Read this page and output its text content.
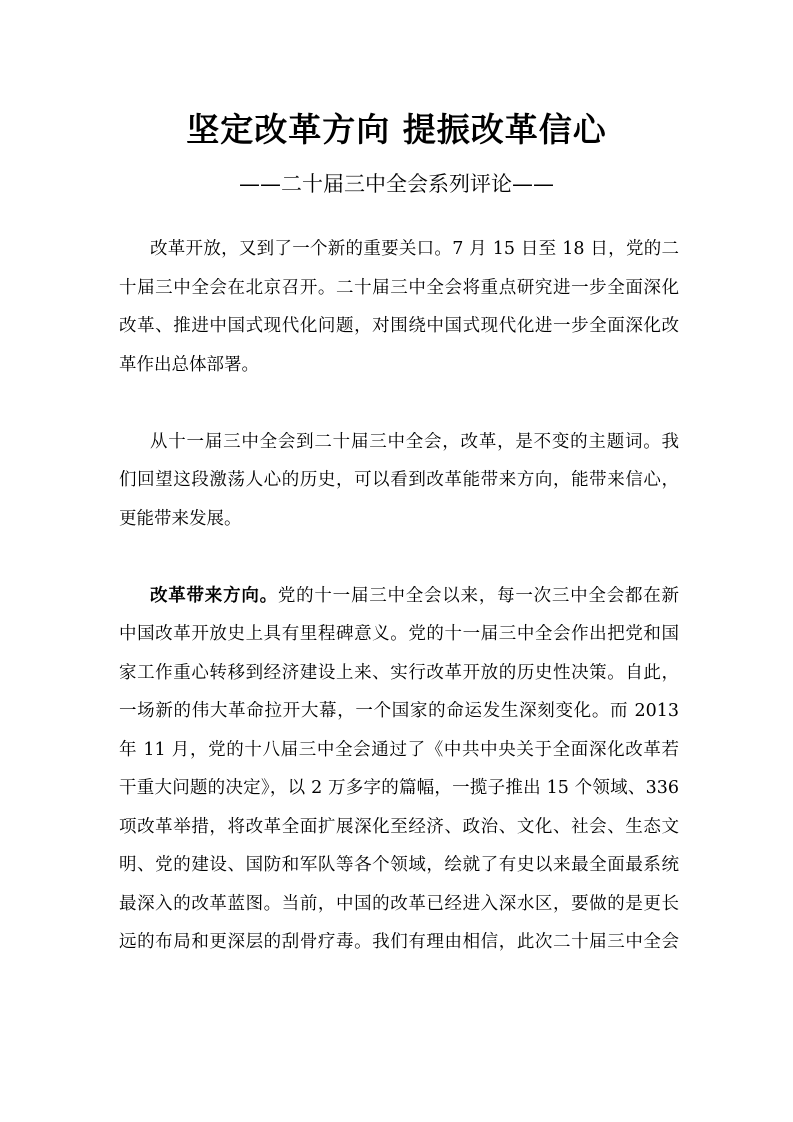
坚定改革方向 提振改革信心
——二十届三中全会系列评论——

改革开放，又到了一个新的重要关口。7 月 15 日至 18 日，党的二
十届三中全会在北京召开。二十届三中全会将重点研究进一步全面深化
改革、推进中国式现代化问题，对围绕中国式现代化进一步全面深化改
革作出总体部署。

从十一届三中全会到二十届三中全会，改革，是不变的主题词。我
们回望这段激荡人心的历史，可以看到改革能带来方向，能带来信心，
更能带来发展。

改革带来方向。党的十一届三中全会以来，每一次三中全会都在新
中国改革开放史上具有里程碑意义。党的十一届三中全会作出把党和国
家工作重心转移到经济建设上来、实行改革开放的历史性决策。自此，
一场新的伟大革命拉开大幕，一个国家的命运发生深刻变化。而 2013
年 11 月，党的十八届三中全会通过了《中共中央关于全面深化改革若
干重大问题的决定》，以 2 万多字的篇幅，一揽子推出 15 个领域、336
项改革举措，将改革全面扩展深化至经济、政治、文化、社会、生态文
明、党的建设、国防和军队等各个领域，绘就了有史以来最全面最系统
最深入的改革蓝图。当前，中国的改革已经进入深水区，要做的是更长
远的布局和更深层的刮骨疗毒。我们有理由相信，此次二十届三中全会
